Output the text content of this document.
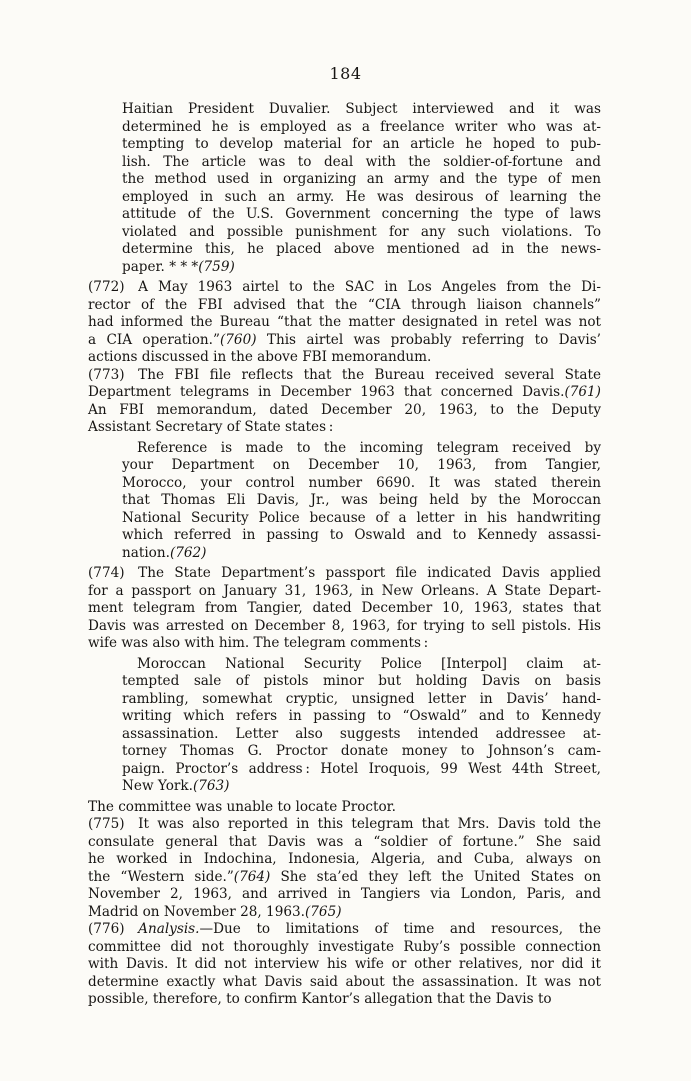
184
Haitian President Duvalier. Subject interviewed and it was
determined he is employed as a freelance writer who was at-
tempting to develop material for an article he hoped to pub-
lish. The article was to deal with the soldier-of-fortune and
the method used in organizing an army and the type of men
employed in such an army. He was desirous of learning the
attitude of the U.S. Government concerning the type of laws
violated and possible punishment for any such violations. To
determine this, he placed above mentioned ad in the news-
paper. * * *(759)
(772) A May 1963 airtel to the SAC in Los Angeles from the Di-
rector of the FBI advised that the “CIA through liaison channels”
had informed the Bureau “that the matter designated in retel was not
a CIA operation.”(760) This airtel was probably referring to Davis’
actions discussed in the above FBI memorandum.
(773) The FBI file reflects that the Bureau received several State
Department telegrams in December 1963 that concerned Davis.(761)
An FBI memorandum, dated December 20, 1963, to the Deputy
Assistant Secretary of State states :
Reference is made to the incoming telegram received by
your Department on December 10, 1963, from Tangier,
Morocco, your control number 6690. It was stated therein
that Thomas Eli Davis, Jr., was being held by the Moroccan
National Security Police because of a letter in his handwriting
which referred in passing to Oswald and to Kennedy assassi-
nation.(762)
(774) The State Department’s passport file indicated Davis applied
for a passport on January 31, 1963, in New Orleans. A State Depart-
ment telegram from Tangier, dated December 10, 1963, states that
Davis was arrested on December 8, 1963, for trying to sell pistols. His
wife was also with him. The telegram comments :
Moroccan National Security Police [Interpol] claim at-
tempted sale of pistols minor but holding Davis on basis
rambling, somewhat cryptic, unsigned letter in Davis’ hand-
writing which refers in passing to “Oswald” and to Kennedy
assassination. Letter also suggests intended addressee at-
torney Thomas G. Proctor donate money to Johnson’s cam-
paign. Proctor’s address : Hotel Iroquois, 99 West 44th Street,
New York.(763)
The committee was unable to locate Proctor.
(775) It was also reported in this telegram that Mrs. Davis told the
consulate general that Davis was a “soldier of fortune.” She said
he worked in Indochina, Indonesia, Algeria, and Cuba, always on
the “Western side.”(764) She sta’ed they left the United States on
November 2, 1963, and arrived in Tangiers via London, Paris, and
Madrid on November 28, 1963.(765)
(776) Analysis.—Due to limitations of time and resources, the
committee did not thoroughly investigate Ruby’s possible connection
with Davis. It did not interview his wife or other relatives, nor did it
determine exactly what Davis said about the assassination. It was not
possible, therefore, to confirm Kantor’s allegation that the Davis to
